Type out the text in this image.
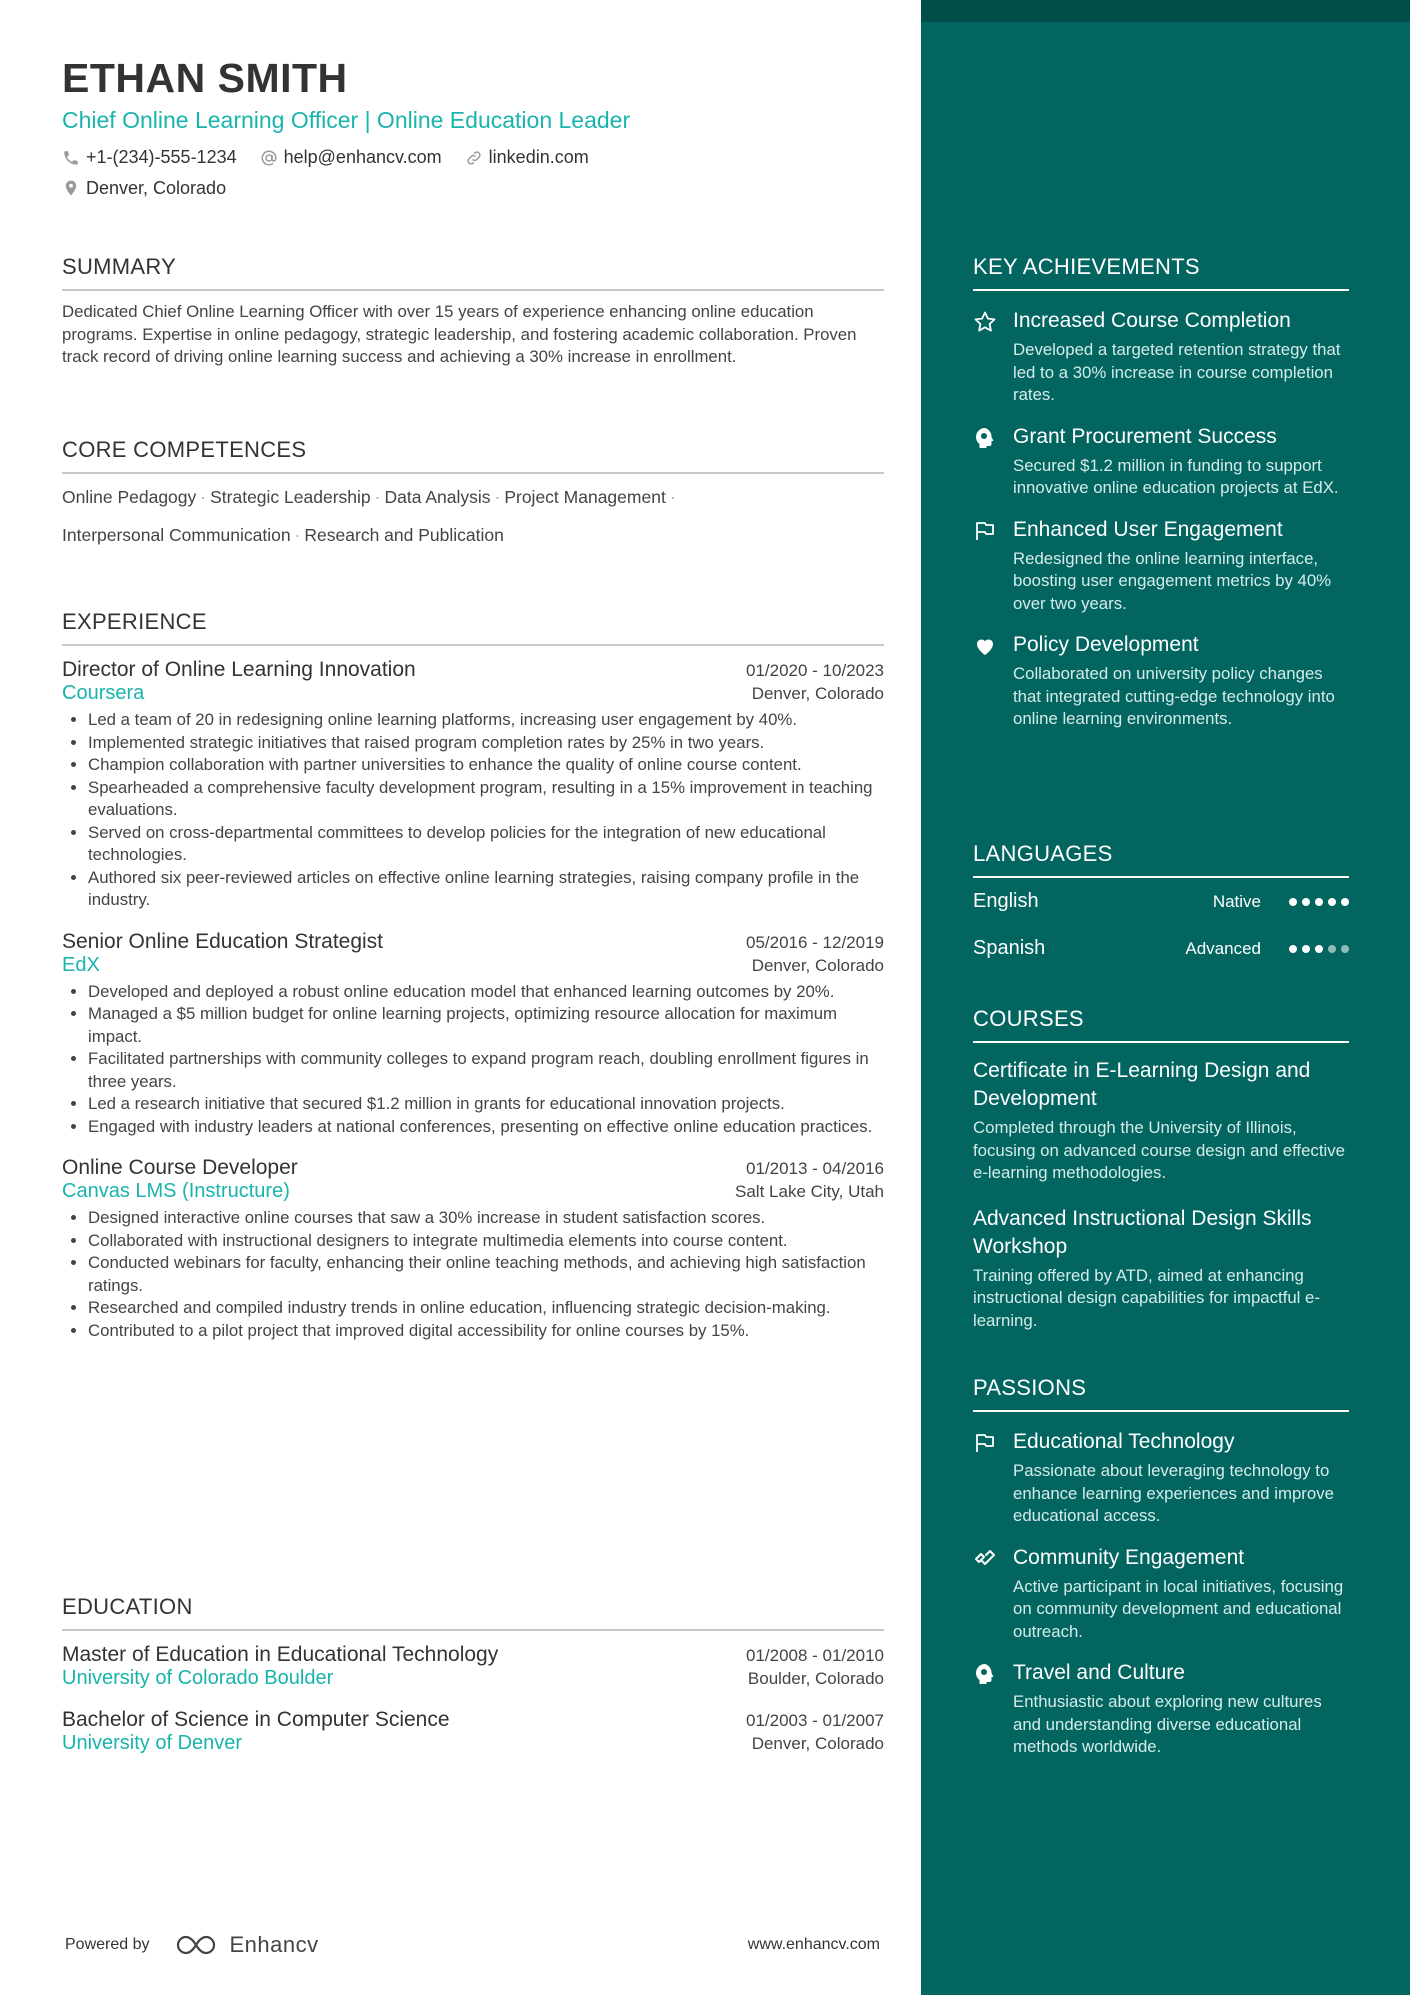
ETHAN SMITH
Chief Online Learning Officer | Online Education Leader
+1-(234)-555-1234
	help@enhancv.com
	linkedin.com

Denver, Colorado
SUMMARY
Dedicated Chief Online Learning Officer with over 15 years of experience enhancing online education programs. Expertise in online pedagogy, strategic leadership, and fostering academic collaboration. Proven track record of driving online learning success and achieving a 30% increase in enrollment.
CORE COMPETENCES
Online Pedagogy · Strategic Leadership · Data Analysis · Project Management ·
Interpersonal Communication · Research and Publication
EXPERIENCE
Director of Online Learning Innovation	01/2020 - 10/2023
Coursera	Denver, Colorado
• Led a team of 20 in redesigning online learning platforms, increasing user engagement by 40%.
• Implemented strategic initiatives that raised program completion rates by 25% in two years.
• Champion collaboration with partner universities to enhance the quality of online course content.
• Spearheaded a comprehensive faculty development program, resulting in a 15% improvement in teaching evaluations.
• Served on cross-departmental committees to develop policies for the integration of new educational technologies.
• Authored six peer-reviewed articles on effective online learning strategies, raising company profile in the industry.
Senior Online Education Strategist	05/2016 - 12/2019
EdX	Denver, Colorado
• Developed and deployed a robust online education model that enhanced learning outcomes by 20%.
• Managed a $5 million budget for online learning projects, optimizing resource allocation for maximum impact.
• Facilitated partnerships with community colleges to expand program reach, doubling enrollment figures in three years.
• Led a research initiative that secured $1.2 million in grants for educational innovation projects.
• Engaged with industry leaders at national conferences, presenting on effective online education practices.
Online Course Developer	01/2013 - 04/2016
Canvas LMS (Instructure)	Salt Lake City, Utah
• Designed interactive online courses that saw a 30% increase in student satisfaction scores.
• Collaborated with instructional designers to integrate multimedia elements into course content.
• Conducted webinars for faculty, enhancing their online teaching methods, and achieving high satisfaction ratings.
• Researched and compiled industry trends in online education, influencing strategic decision-making.
• Contributed to a pilot project that improved digital accessibility for online courses by 15%.
EDUCATION
Master of Education in Educational Technology	01/2008 - 01/2010
University of Colorado Boulder	Boulder, Colorado
Bachelor of Science in Computer Science	01/2003 - 01/2007
University of Denver	Denver, Colorado
Powered by	Enhancv	www.enhancv.com
KEY ACHIEVEMENTS
Increased Course Completion
Developed a targeted retention strategy that led to a 30% increase in course completion rates.
Grant Procurement Success
Secured $1.2 million in funding to support innovative online education projects at EdX.
Enhanced User Engagement
Redesigned the online learning interface, boosting user engagement metrics by 40% over two years.
Policy Development
Collaborated on university policy changes that integrated cutting-edge technology into online learning environments.
LANGUAGES
English	Native
Spanish	Advanced
COURSES
Certificate in E-Learning Design and Development
Completed through the University of Illinois, focusing on advanced course design and effective e-learning methodologies.
Advanced Instructional Design Skills Workshop
Training offered by ATD, aimed at enhancing instructional design capabilities for impactful e-learning.
PASSIONS
Educational Technology
Passionate about leveraging technology to enhance learning experiences and improve educational access.
Community Engagement
Active participant in local initiatives, focusing on community development and educational outreach.
Travel and Culture
Enthusiastic about exploring new cultures and understanding diverse educational methods worldwide.
